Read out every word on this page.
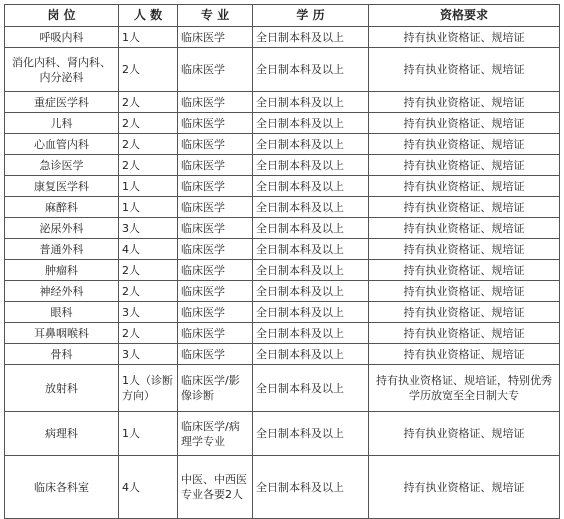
岗 位	人 数	专 业	学 历	资格要求
呼吸内科	1人	临床医学	全日制本科及以上	持有执业资格证、规培证
消化内科、肾内科、内分泌科	2人	临床医学	全日制本科及以上	持有执业资格证、规培证
重症医学科	2人	临床医学	全日制本科及以上	持有执业资格证、规培证
儿科	2人	临床医学	全日制本科及以上	持有执业资格证、规培证
心血管内科	2人	临床医学	全日制本科及以上	持有执业资格证、规培证
急诊医学	2人	临床医学	全日制本科及以上	持有执业资格证、规培证
康复医学科	1人	临床医学	全日制本科及以上	持有执业资格证、规培证
麻醉科	1人	临床医学	全日制本科及以上	持有执业资格证、规培证
泌尿外科	3人	临床医学	全日制本科及以上	持有执业资格证、规培证
普通外科	4人	临床医学	全日制本科及以上	持有执业资格证、规培证
肿瘤科	2人	临床医学	全日制本科及以上	持有执业资格证、规培证
神经外科	2人	临床医学	全日制本科及以上	持有执业资格证、规培证
眼科	3人	临床医学	全日制本科及以上	持有执业资格证、规培证
耳鼻咽喉科	2人	临床医学	全日制本科及以上	持有执业资格证、规培证
骨科	3人	临床医学	全日制本科及以上	持有执业资格证、规培证
放射科	1人（诊断方向）	临床医学/影像诊断	全日制本科及以上	持有执业资格证、规培证，特别优秀学历放宽至全日制大专
病理科	1人	临床医学/病理学专业	全日制本科及以上	持有执业资格证、规培证
临床各科室	4人	中医、中西医专业各要2人	全日制本科及以上	持有执业资格证、规培证
